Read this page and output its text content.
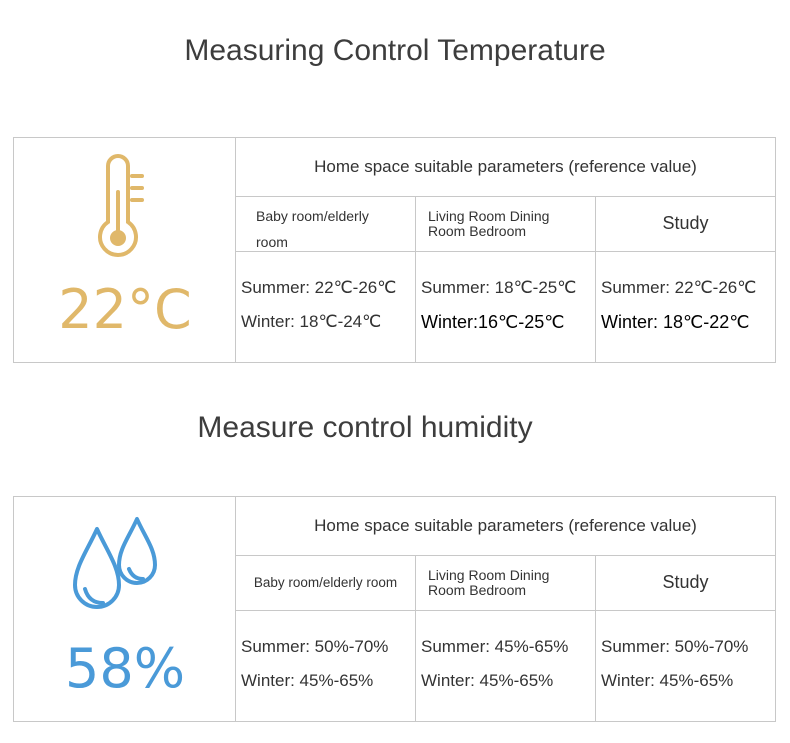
Measuring Control Temperature
22°C
Home space suitable parameters (reference value)
Baby room/elderly room
Living Room Dining Room Bedroom	Study
Summer: 22℃-26℃
Winter: 18℃-24℃
Summer: 18℃-25℃
Winter:16℃-25℃
Summer: 22℃-26℃
Winter: 18℃-22℃
Measure control humidity
58%
Home space suitable parameters (reference value)
Baby room/elderly room Living Room Dining Room Bedroom	Study
Summer: 50%-70%
Winter: 45%-65%
Summer: 45%-65%
Winter: 45%-65%
Summer: 50%-70%
Winter: 45%-65%
